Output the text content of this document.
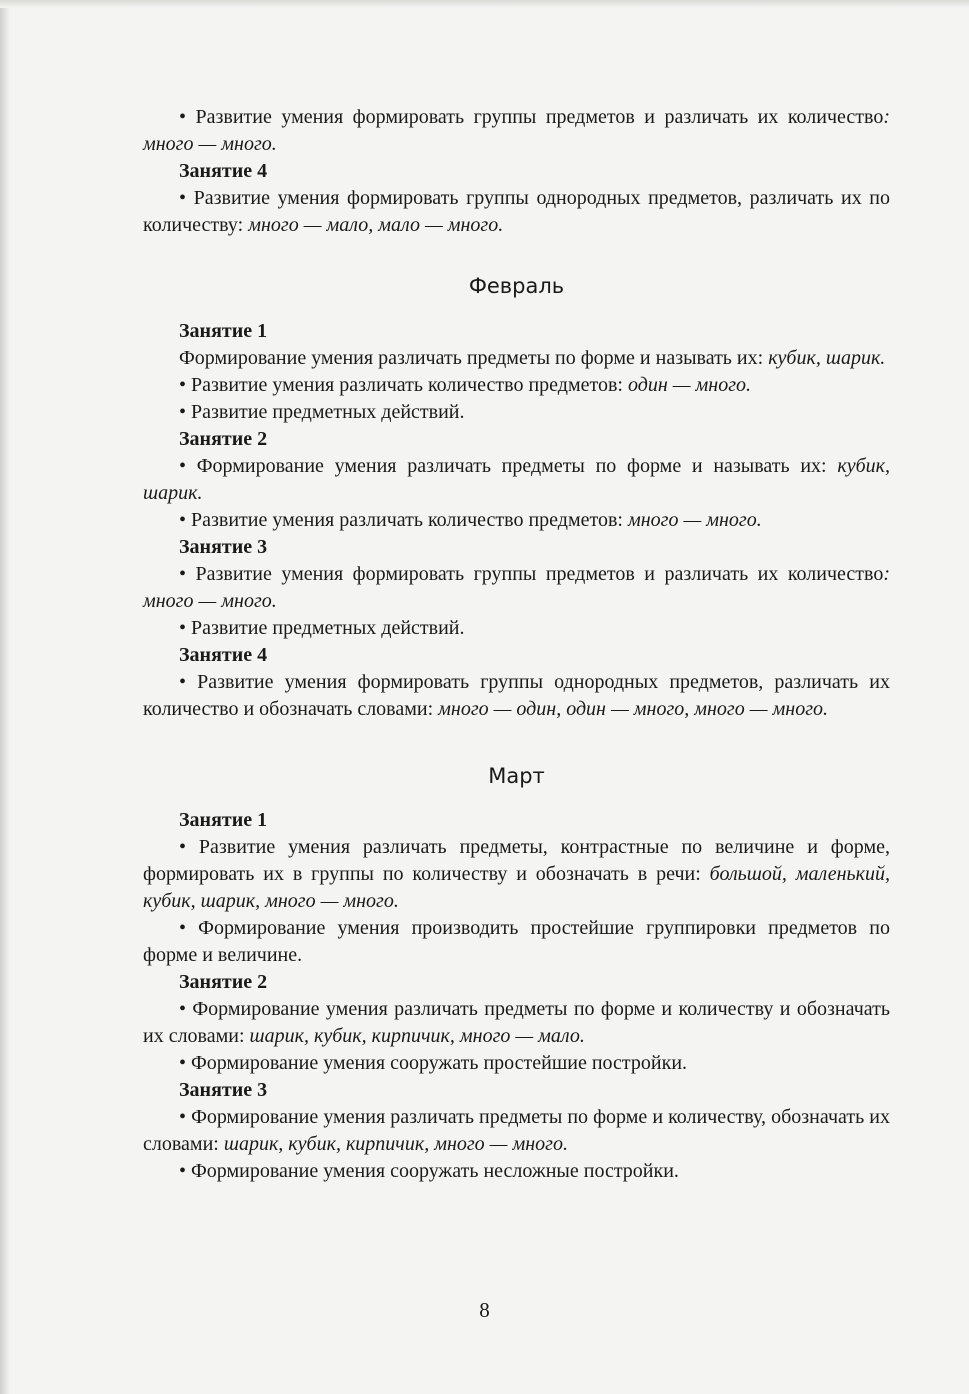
• Развитие умения формировать группы предметов и различать их количество: много — много.

Занятие 4

• Развитие умения формировать группы однородных предметов, различать их по количеству: много — мало, мало — много.

Февраль

Занятие 1

Формирование умения различать предметы по форме и называть их: кубик, шарик.

• Развитие умения различать количество предметов: один — много.

• Развитие предметных действий.

Занятие 2

• Формирование умения различать предметы по форме и называть их: кубик, шарик.

• Развитие умения различать количество предметов: много — много.

Занятие 3

• Развитие умения формировать группы предметов и различать их количество: много — много.

• Развитие предметных действий.

Занятие 4

• Развитие умения формировать группы однородных предметов, различать их количество и обозначать словами: много — один, один — много, много — много.

Март

Занятие 1

• Развитие умения различать предметы, контрастные по величине и форме, формировать их в группы по количеству и обозначать в речи: большой, маленький, кубик, шарик, много — много.

• Формирование умения производить простейшие группировки предметов по форме и величине.

Занятие 2

• Формирование умения различать предметы по форме и количеству и обозначать их словами: шарик, кубик, кирпичик, много — мало.

• Формирование умения сооружать простейшие постройки.

Занятие 3

• Формирование умения различать предметы по форме и количеству, обозначать их словами: шарик, кубик, кирпичик, много — много.

• Формирование умения сооружать несложные постройки.

8
